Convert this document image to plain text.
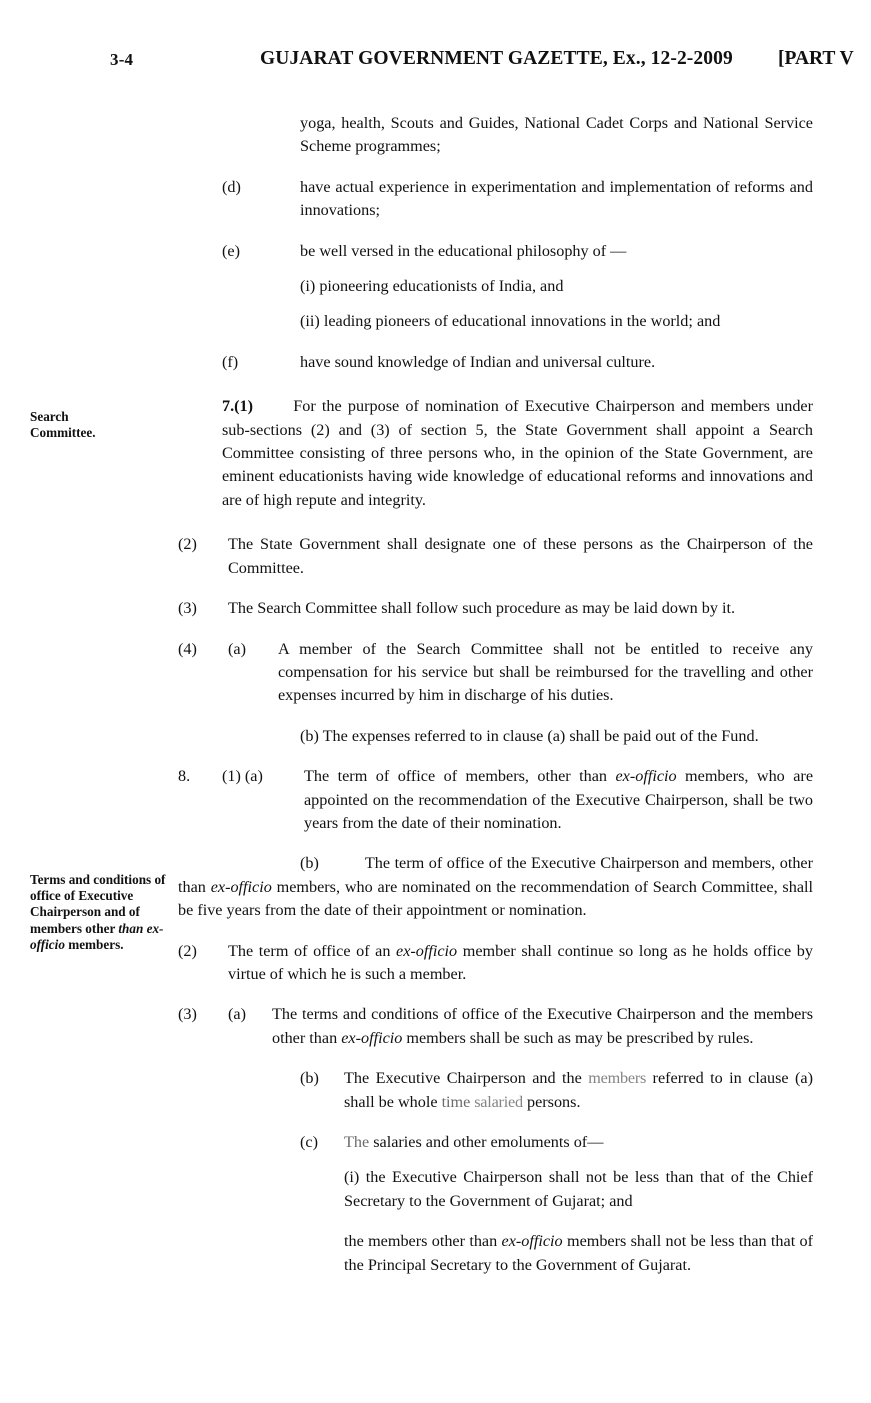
3-4	GUJARAT GOVERNMENT GAZETTE, Ex., 12-2-2009 [PART V
Search
Committee.
Terms and conditions of office of Executive Chairperson and of members other than ex-officio members.
yoga, health, Scouts and Guides, National Cadet Corps and National Service Scheme programmes;
(d)	have actual experience in experimentation and implementation of reforms and innovations;
(e)	be well versed in the educational philosophy of —
(i) pioneering educationists of India, and
(ii) leading pioneers of educational innovations in the world; and
(f)	have sound knowledge of Indian and universal culture.
7.(1) For the purpose of nomination of Executive Chairperson and members under sub-sections (2) and (3) of section 5, the State Government shall appoint a Search Committee consisting of three persons who, in the opinion of the State Government, are eminent educationists having wide knowledge of educational reforms and innovations and are of high repute and integrity.
(2)	The State Government shall designate one of these persons as the Chairperson of the Committee.
(3)	The Search Committee shall follow such procedure as may be laid down by it.
(4)	(a)	A member of the Search Committee shall not be entitled to receive any compensation for his service but shall be reimbursed for the travelling and other expenses incurred by him in discharge of his duties.
(b) The expenses referred to in clause (a) shall be paid out of the Fund.
8.	(1) (a)	The term of office of members, other than ex-officio members, who are appointed on the recommendation of the Executive Chairperson, shall be two years from the date of their nomination.
(b)	The term of office of the Executive Chairperson and members, other than ex-officio members, who are nominated on the recommendation of Search Committee, shall be five years from the date of their appointment or nomination.
(2)	The term of office of an ex-officio member shall continue so long as he holds office by virtue of which he is such a member.
(3)	(a)	The terms and conditions of office of the Executive Chairperson and the members other than ex-officio members shall be such as may be prescribed by rules.
(b)	The Executive Chairperson and the members referred to in clause (a) shall be whole time salaried persons.
(c)	The salaries and other emoluments of—
(i) the Executive Chairperson shall not be less than that of the Chief Secretary to the Government of Gujarat; and
the members other than ex-officio members shall not be less than that of the Principal Secretary to the Government of Gujarat.
